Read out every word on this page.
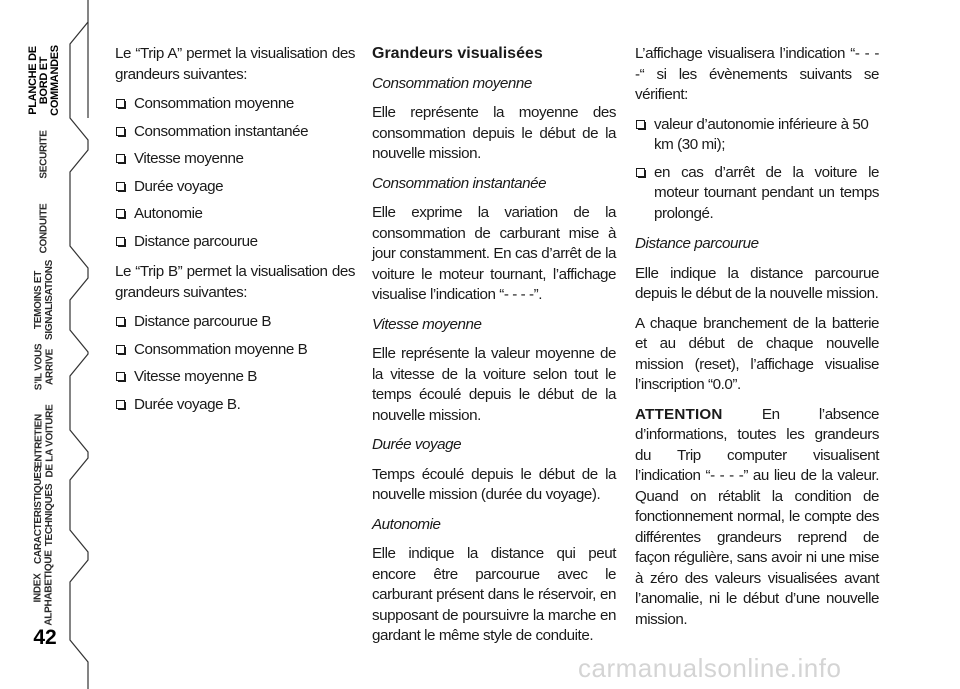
PLANCHE DE
BORD ET
COMMANDES
SECURITE
CONDUITE
TEMOINS ET
SIGNALISATIONS
S’IL VOUS
ARRIVE
ENTRETIEN
DE LA VOITURE
CARACTERISTIQUES
TECHNIQUES
INDEX
ALPHABETIQUE
42

Le “Trip A” permet la visualisation des grandeurs suivantes:

Consommation moyenne
Consommation instantanée
Vitesse moyenne
Durée voyage
Autonomie
Distance parcourue

Le “Trip B” permet la visualisation des grandeurs suivantes:

Distance parcourue B
Consommation moyenne B
Vitesse moyenne B
Durée voyage B.

Grandeurs visualisées

Consommation moyenne

Elle représente la moyenne des consommation depuis le début de la nouvelle mission.

Consommation instantanée

Elle exprime la variation de la consommation de carburant mise à jour constamment. En cas d’arrêt de la voiture le moteur tournant, l’affichage visualise l’indication “- - - -”.

Vitesse moyenne

Elle représente la valeur moyenne de la vitesse de la voiture selon tout le temps écoulé depuis le début de la nouvelle mission.

Durée voyage

Temps écoulé depuis le début de la nouvelle mission (durée du voyage).

Autonomie

Elle indique la distance qui peut encore être parcourue avec le carburant présent dans le réservoir, en supposant de poursuivre la marche en gardant le même style de conduite.

L’affichage visualisera l’indication “- - - -“ si les évènements suivants se vérifient:

valeur d’autonomie inférieure à 50 km (30 mi);
en cas d’arrêt de la voiture le moteur tournant pendant un temps prolongé.

Distance parcourue

Elle indique la distance parcourue depuis le début de la nouvelle mission.

A chaque branchement de la batterie et au début de chaque nouvelle mission (reset), l’affichage visualise l’inscription “0.0”.

ATTENTION En l’absence d’informations, toutes les grandeurs du Trip computer visualisent l’indication “- - - -” au lieu de la valeur. Quand on rétablit la condition de fonctionnement normal, le compte des différentes grandeurs reprend de façon régulière, sans avoir ni une mise à zéro des valeurs visualisées avant l’anomalie, ni le début d’une nouvelle mission.

carmanualsonline.info
